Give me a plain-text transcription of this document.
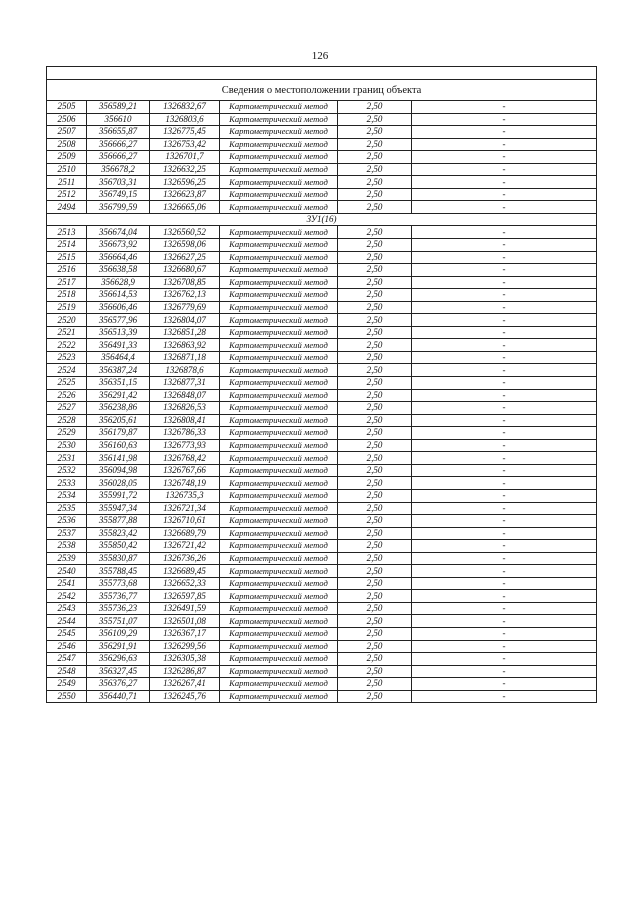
126

Сведения о местоположении границ объекта					
2505	356589,21	1326832,67	Картометрический метод	2,50	-
2506	356610	1326803,6	Картометрический метод	2,50	-
2507	356655,87	1326775,45	Картометрический метод	2,50	-
2508	356666,27	1326753,42	Картометрический метод	2,50	-
2509	356666,27	1326701,7	Картометрический метод	2,50	-
2510	356678,2	1326632,25	Картометрический метод	2,50	-
2511	356703,31	1326596,25	Картометрический метод	2,50	-
2512	356749,15	1326623,87	Картометрический метод	2,50	-
2494	356799,59	1326665,06	Картометрический метод	2,50	-
ЗУ1(16)					
2513	356674,04	1326560,52	Картометрический метод	2,50	-
2514	356673,92	1326598,06	Картометрический метод	2,50	-
2515	356664,46	1326627,25	Картометрический метод	2,50	-
2516	356638,58	1326680,67	Картометрический метод	2,50	-
2517	356628,9	1326708,85	Картометрический метод	2,50	-
2518	356614,53	1326762,13	Картометрический метод	2,50	-
2519	356606,46	1326779,69	Картометрический метод	2,50	-
2520	356577,96	1326804,07	Картометрический метод	2,50	-
2521	356513,39	1326851,28	Картометрический метод	2,50	-
2522	356491,33	1326863,92	Картометрический метод	2,50	-
2523	356464,4	1326871,18	Картометрический метод	2,50	-
2524	356387,24	1326878,6	Картометрический метод	2,50	-
2525	356351,15	1326877,31	Картометрический метод	2,50	-
2526	356291,42	1326848,07	Картометрический метод	2,50	-
2527	356238,86	1326826,53	Картометрический метод	2,50	-
2528	356205,61	1326808,41	Картометрический метод	2,50	-
2529	356179,87	1326786,33	Картометрический метод	2,50	-
2530	356160,63	1326773,93	Картометрический метод	2,50	-
2531	356141,98	1326768,42	Картометрический метод	2,50	-
2532	356094,98	1326767,66	Картометрический метод	2,50	-
2533	356028,05	1326748,19	Картометрический метод	2,50	-
2534	355991,72	1326735,3	Картометрический метод	2,50	-
2535	355947,34	1326721,34	Картометрический метод	2,50	-
2536	355877,88	1326710,61	Картометрический метод	2,50	-
2537	355823,42	1326689,79	Картометрический метод	2,50	-
2538	355850,42	1326721,42	Картометрический метод	2,50	-
2539	355830,87	1326736,26	Картометрический метод	2,50	-
2540	355788,45	1326689,45	Картометрический метод	2,50	-
2541	355773,68	1326652,33	Картометрический метод	2,50	-
2542	355736,77	1326597,85	Картометрический метод	2,50	-
2543	355736,23	1326491,59	Картометрический метод	2,50	-
2544	355751,07	1326501,08	Картометрический метод	2,50	-
2545	356109,29	1326367,17	Картометрический метод	2,50	-
2546	356291,91	1326299,56	Картометрический метод	2,50	-
2547	356296,63	1326305,38	Картометрический метод	2,50	-
2548	356327,45	1326286,87	Картометрический метод	2,50	-
2549	356376,27	1326267,41	Картометрический метод	2,50	-
2550	356440,71	1326245,76	Картометрический метод	2,50	-
